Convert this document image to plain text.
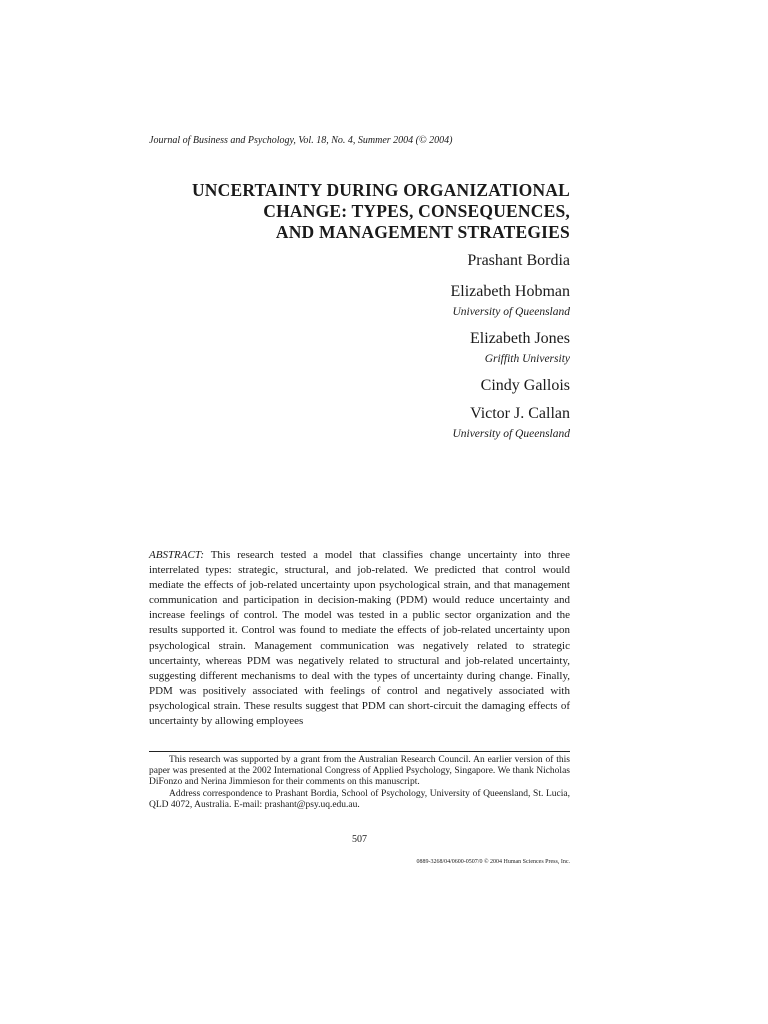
Journal of Business and Psychology, Vol. 18, No. 4, Summer 2004 (© 2004)
UNCERTAINTY DURING ORGANIZATIONAL
CHANGE: TYPES, CONSEQUENCES,
AND MANAGEMENT STRATEGIES
Prashant Bordia
Elizabeth Hobman
University of Queensland
Elizabeth Jones
Griffith University
Cindy Gallois
Victor J. Callan
University of Queensland
ABSTRACT: This research tested a model that classifies change uncertainty into three interrelated types: strategic, structural, and job-related. We predicted that control would mediate the effects of job-related uncertainty upon psychological strain, and that management communication and participation in decision-making (PDM) would reduce uncertainty and increase feelings of control. The model was tested in a public sector organization and the results supported it. Control was found to mediate the effects of job-related uncertainty upon psychological strain. Management communication was negatively related to strategic uncertainty, whereas PDM was negatively related to structural and job-related uncertainty, suggesting different mechanisms to deal with the types of uncertainty during change. Finally, PDM was positively associated with feelings of control and negatively associated with psychological strain. These results suggest that PDM can short-circuit the damaging effects of uncertainty by allowing employees

This research was supported by a grant from the Australian Research Council. An earlier version of this paper was presented at the 2002 International Congress of Applied Psychology, Singapore. We thank Nicholas DiFonzo and Nerina Jimmieson for their comments on this manuscript.

Address correspondence to Prashant Bordia, School of Psychology, University of Queensland, St. Lucia, QLD 4072, Australia. E-mail: prashant@psy.uq.edu.au.

507
0889-3268/04/0600-0507/0 © 2004 Human Sciences Press, Inc.
